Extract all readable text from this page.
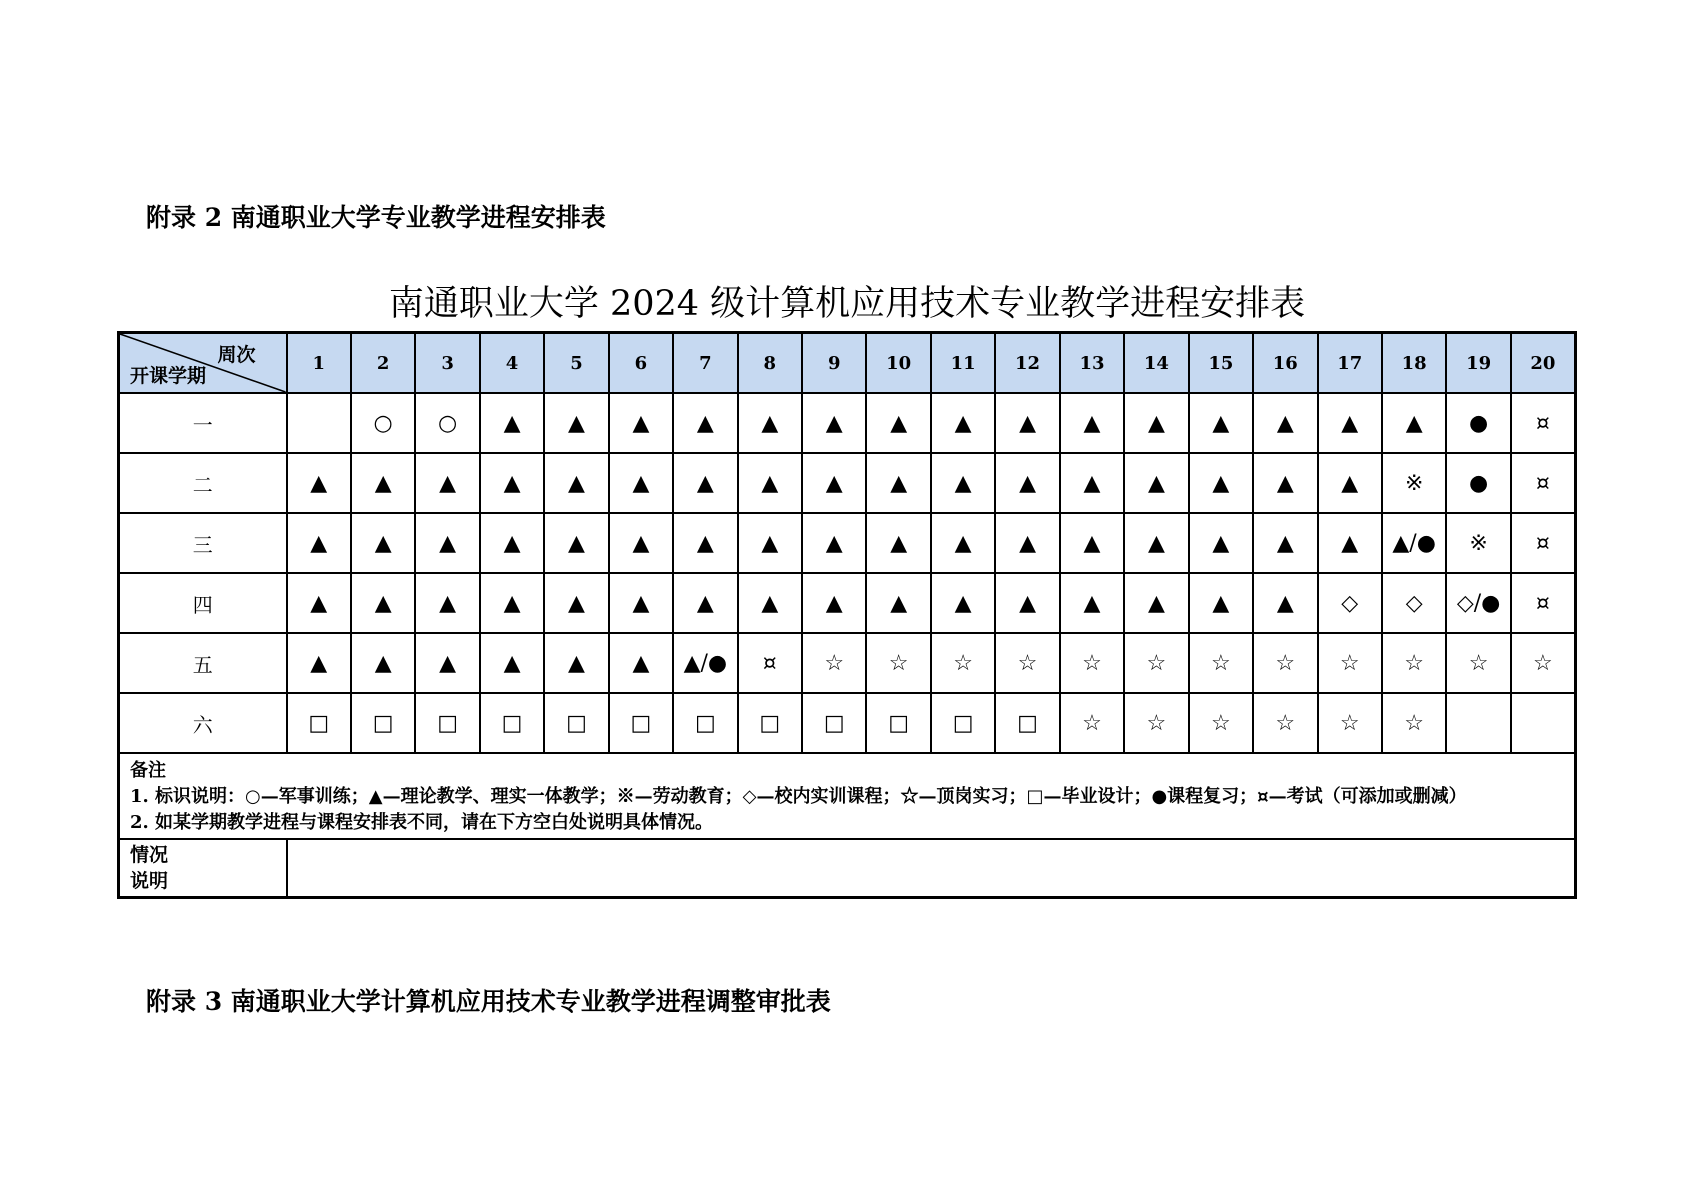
附录 2 南通职业大学专业教学进程安排表
南通职业大学 2024 级计算机应用技术专业教学进程安排表
周次
开课学期	1	2	3	4	5	6	7	8	9	10	11	12	13	14	15	16	17	18	19	20
一		○	○	▲	▲	▲	▲	▲	▲	▲	▲	▲	▲	▲	▲	▲	▲	▲	●	¤
二	▲	▲	▲	▲	▲	▲	▲	▲	▲	▲	▲	▲	▲	▲	▲	▲	▲	※	●	¤
三	▲	▲	▲	▲	▲	▲	▲	▲	▲	▲	▲	▲	▲	▲	▲	▲	▲	▲/●	※	¤
四	▲	▲	▲	▲	▲	▲	▲	▲	▲	▲	▲	▲	▲	▲	▲	▲	◇	◇	◇/●	¤
五	▲	▲	▲	▲	▲	▲	▲/●	¤	☆	☆	☆	☆	☆	☆	☆	☆	☆	☆	☆	☆
六	□	□	□	□	□	□	□	□	□	□	□	□	☆	☆	☆	☆	☆	☆		

备注
1. 标识说明：○—军事训练；▲—理论教学、理实一体教学；※—劳动教育；◇—校内实训课程；☆—顶岗实习；□—毕业设计；●课程复习；¤—考试（可添加或删减）
2. 如某学期教学进程与课程安排表不同，请在下方空白处说明具体情况。																				

情况
说明																				

附录 3 南通职业大学计算机应用技术专业教学进程调整审批表
